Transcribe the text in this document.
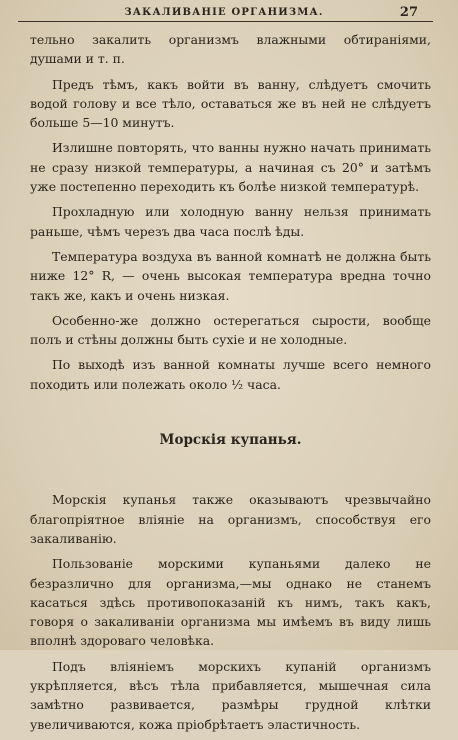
ЗАКАЛИВАНІЕ ОРГАНИЗМА.	27

тельно закалить организмъ влажными обтираніями, душами и т. п.

Предъ тѣмъ, какъ войти въ ванну, слѣдуетъ смочить водой голову и все тѣло, оставаться же въ ней не слѣдуетъ больше 5—10 минутъ.

Излишне повторять, что ванны нужно начать принимать не сразу низкой температуры, а начиная съ 20° и затѣмъ уже постепенно переходить къ болѣе низкой температурѣ.

Прохладную или холодную ванну нельзя принимать раньше, чѣмъ черезъ два часа послѣ ѣды.

Температура воздуха въ ванной комнатѣ не должна быть ниже 12° R, — очень высокая температура вредна точно такъ же, какъ и очень низкая.

Особенно-же должно остерегаться сырости, вообще полъ и стѣны должны быть сухіе и не холодные.

По выходѣ изъ ванной комнаты лучше всего немного походить или полежать около ½ часа.

Морскія купанья.

Морскія купанья также оказываютъ чрезвычайно благопріятное вліяніе на организмъ, способствуя его закаливанію.

Пользованіе морскими купаньями далеко не безразлично для организма,—мы однако не станемъ касаться здѣсь противопоказаній къ нимъ, такъ какъ, говоря о закаливаніи организма мы имѣемъ въ виду лишь вполнѣ здороваго человѣка.

Подъ вліяніемъ морскихъ купаній организмъ укрѣпляется, вѣсъ тѣла прибавляется, мышечная сила замѣтно развивается, размѣры грудной клѣтки увеличиваются, кожа пріобрѣтаетъ эластичность.
